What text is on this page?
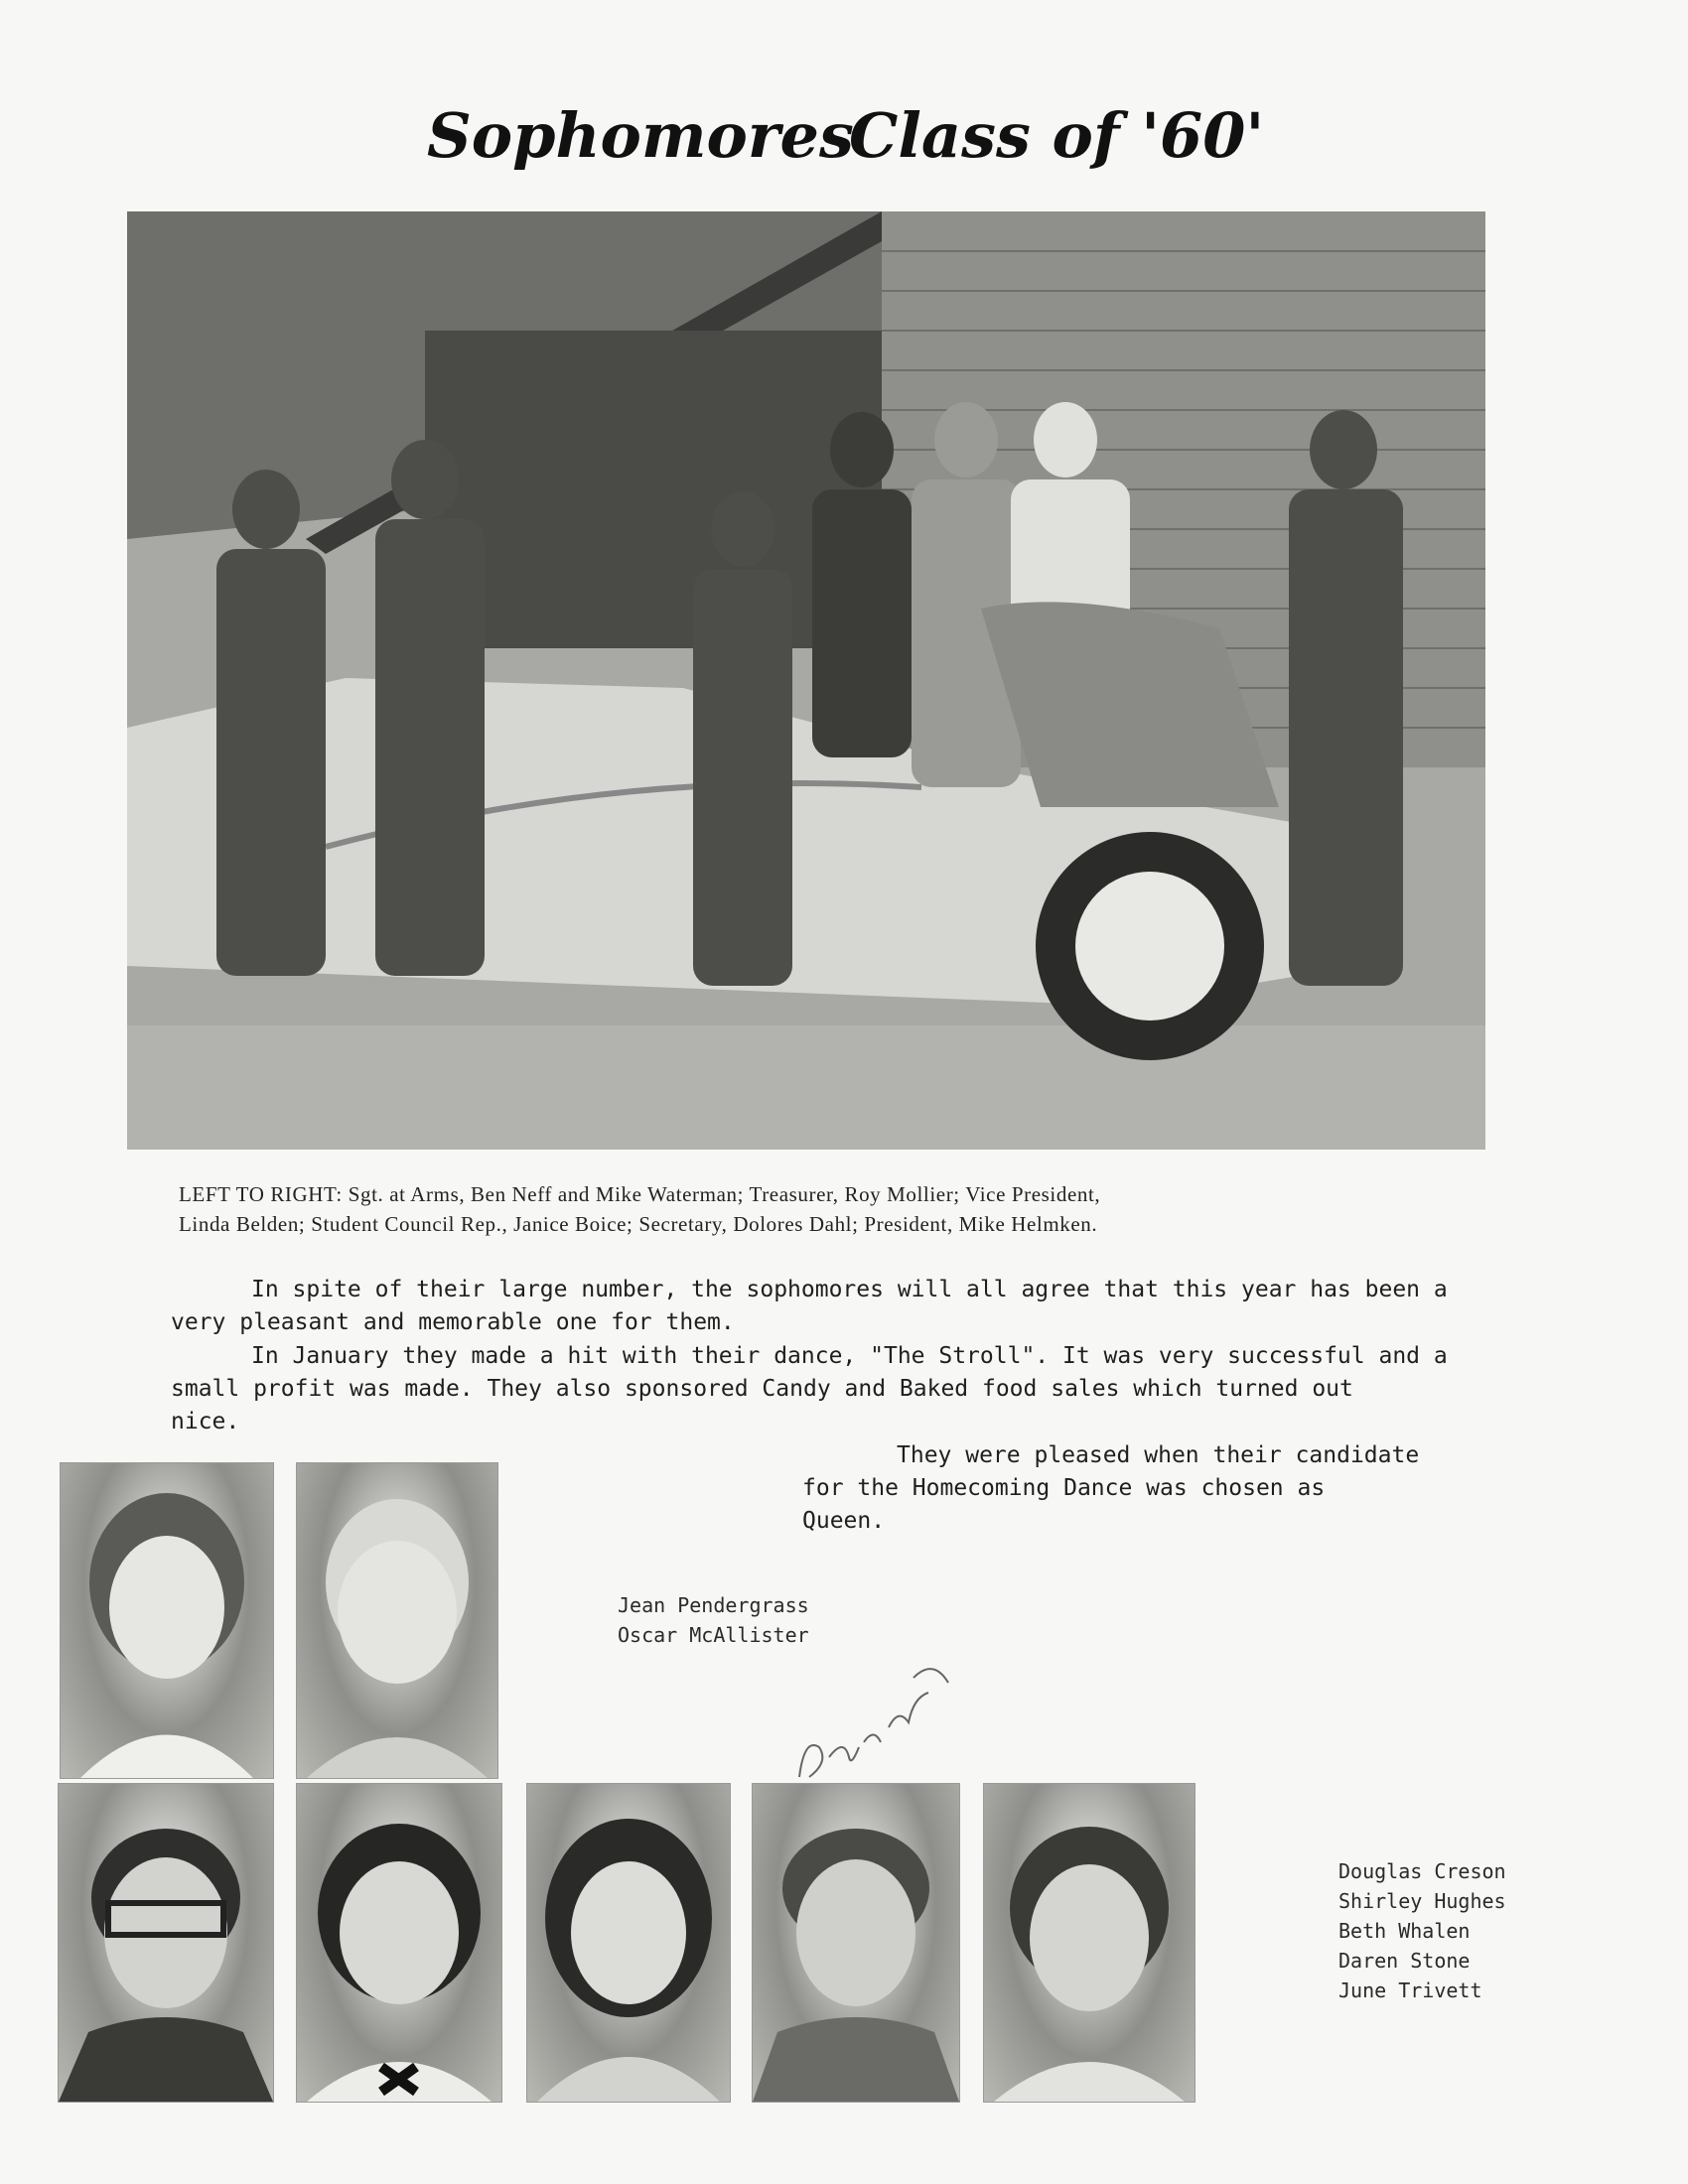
Sophomores
Class of '60'
LEFT TO RIGHT: Sgt. at Arms, Ben Neff and Mike Waterman; Treasurer, Roy Mollier; Vice President,
Linda Belden; Student Council Rep., Janice Boice; Secretary, Dolores Dahl; President, Mike Helmken.
In spite of their large number, the sophomores will all agree that this year has been a
very pleasant and memorable one for them.
In January they made a hit with their dance, "The Stroll". It was very successful and a
small profit was made. They also sponsored Candy and Baked food sales which turned out
nice.
They were pleased when their candidate
for the Homecoming Dance was chosen as
Queen.
Jean Pendergrass
Oscar McAllister
Douglas Creson
Shirley Hughes
Beth Whalen
Daren Stone
June Trivett
